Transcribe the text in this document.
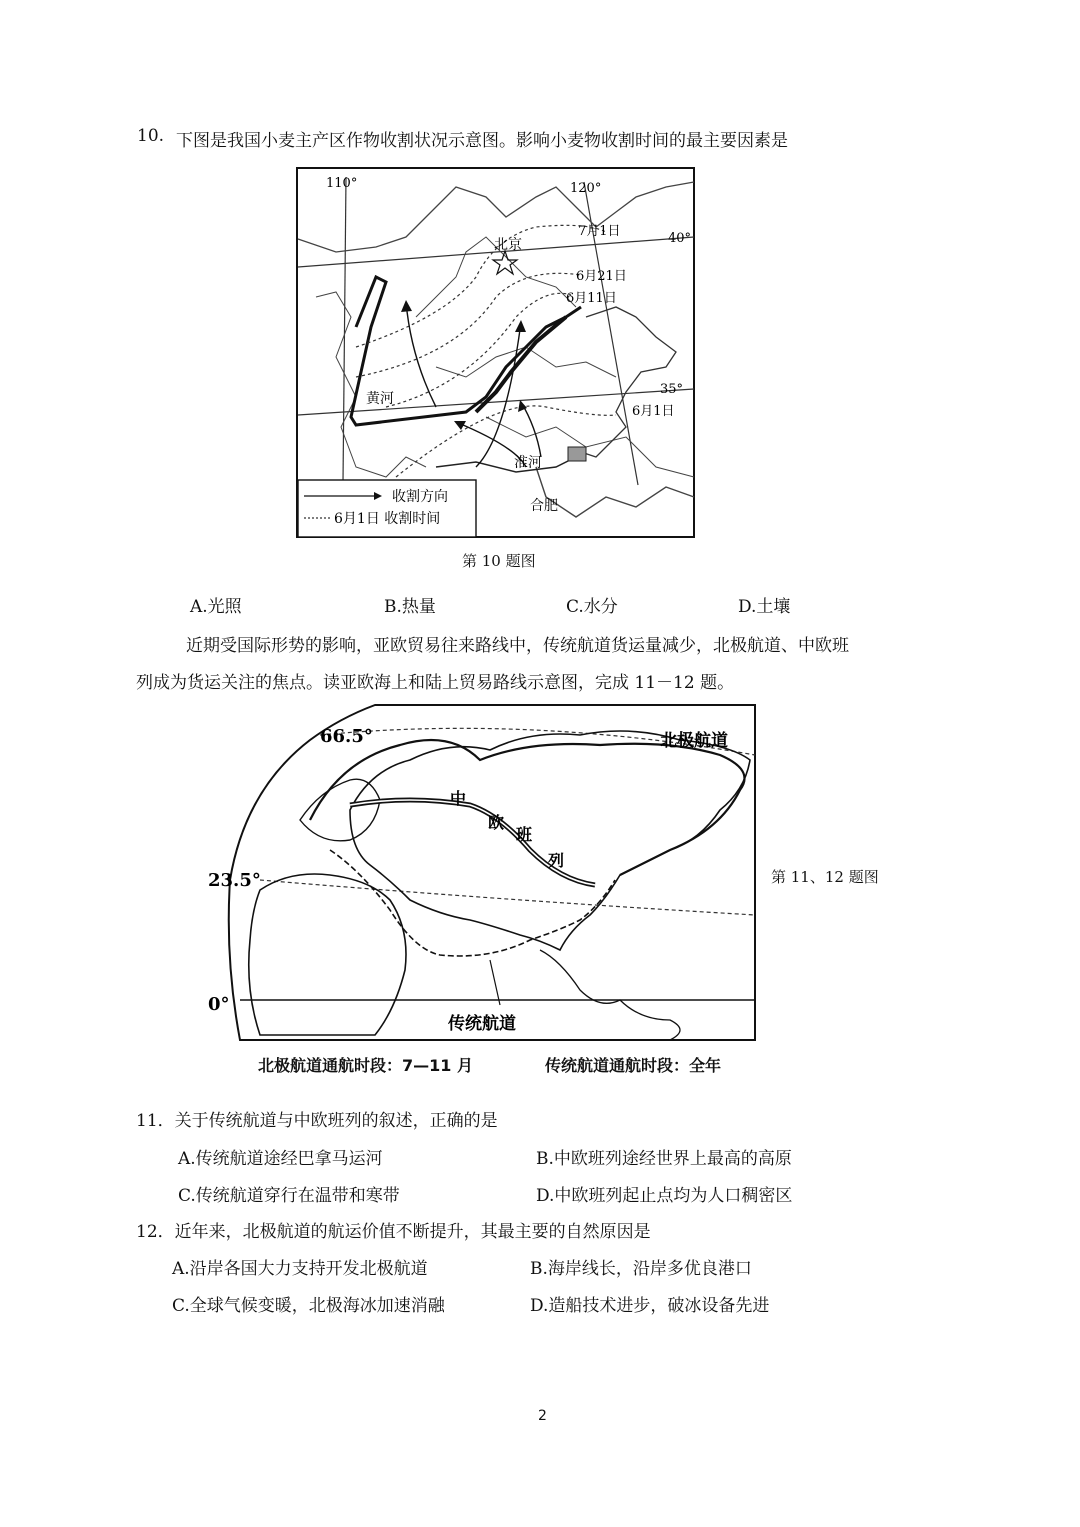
10. 下图是我国小麦主产区作物收割状况示意图。影响小麦物收割时间的最主要因素是
110°	120°
40°
35°
北京
7月1日
6月21日
6月11日
6月1日
黄河
淮河
合肥
收割方向
6月1日 收割时间
第 10 题图
A.光照	B.热量	C.水分	D.土壤
近期受国际形势的影响，亚欧贸易往来路线中，传统航道货运量减少，北极航道、中欧班
列成为货运关注的焦点。读亚欧海上和陆上贸易路线示意图，完成 11－12 题。
66.5°
23.5°
0°
北极航道
中
欧
班
列
传统航道
第 11、12 题图
北极航道通航时段：7—11 月	传统航道通航时段：全年
11．关于传统航道与中欧班列的叙述，正确的是
A.传统航道途经巴拿马运河	B.中欧班列途经世界上最高的高原
C.传统航道穿行在温带和寒带	D.中欧班列起止点均为人口稠密区
12．近年来，北极航道的航运价值不断提升，其最主要的自然原因是
A.沿岸各国大力支持开发北极航道	B.海岸线长，沿岸多优良港口
C.全球气候变暖，北极海冰加速消融	D.造船技术进步，破冰设备先进
2
